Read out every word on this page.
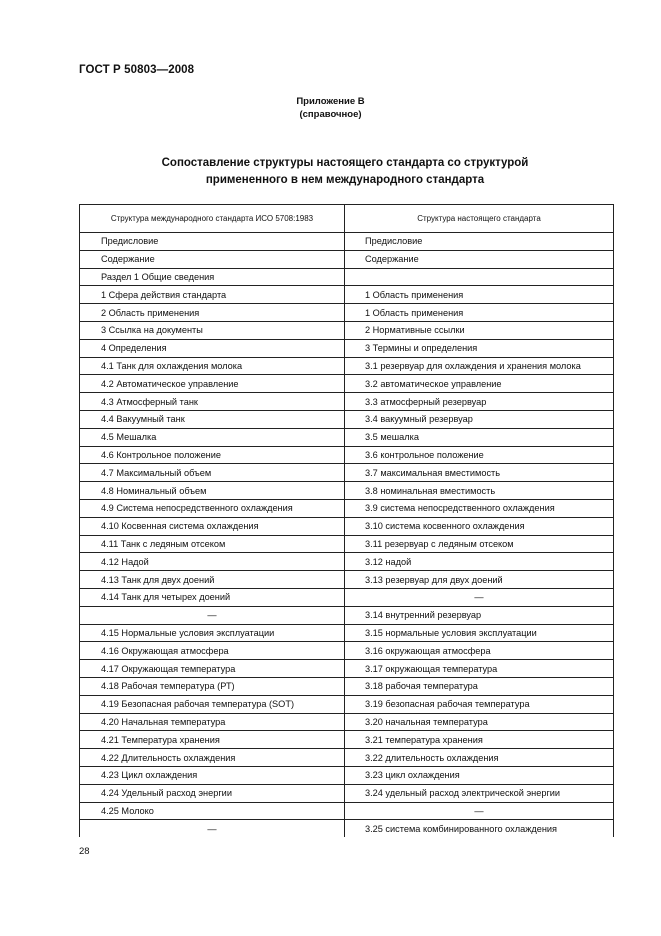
ГОСТ Р 50803—2008
Приложение В
(справочное)
Сопоставление структуры настоящего стандарта со структурой
примененного в нем международного стандарта
Структура международного стандарта ИСО 5708:1983	Структура настоящего стандарта
Предисловие	Предисловие
Содержание	Содержание
Раздел 1 Общие сведения	
1 Сфера действия стандарта	1 Область применения
2 Область применения	1 Область применения
3 Ссылка на документы	2 Нормативные ссылки
4 Определения	3 Термины и определения
4.1 Танк для охлаждения молока	3.1 резервуар для охлаждения и хранения молока
4.2 Автоматическое управление	3.2 автоматическое управление
4.3 Атмосферный танк	3.3 атмосферный резервуар
4.4 Вакуумный танк	3.4 вакуумный резервуар
4.5 Мешалка	3.5 мешалка
4.6 Контрольное положение	3.6 контрольное положение
4.7 Максимальный объем	3.7 максимальная вместимость
4.8 Номинальный объем	3.8 номинальная вместимость
4.9 Система непосредственного охлаждения	3.9 система непосредственного охлаждения
4.10 Косвенная система охлаждения	3.10 система косвенного охлаждения
4.11 Танк с ледяным отсеком	3.11 резервуар с ледяным отсеком
4.12 Надой	3.12 надой
4.13 Танк для двух доений	3.13 резервуар для двух доений
4.14 Танк для четырех доений	—
—	3.14 внутренний резервуар
4.15 Нормальные условия эксплуатации	3.15 нормальные условия эксплуатации
4.16 Окружающая атмосфера	3.16 окружающая атмосфера
4.17 Окружающая температура	3.17 окружающая температура
4.18 Рабочая температура (РТ)	3.18 рабочая температура
4.19 Безопасная рабочая температура (SOT)	3.19 безопасная рабочая температура
4.20 Начальная температура	3.20 начальная температура
4.21 Температура хранения	3.21 температура хранения
4.22 Длительность охлаждения	3.22 длительность охлаждения
4.23 Цикл охлаждения	3.23 цикл охлаждения
4.24 Удельный расход энергии	3.24 удельный расход электрической энергии
4.25 Молоко	—
—	3.25 система комбинированного охлаждения
28
